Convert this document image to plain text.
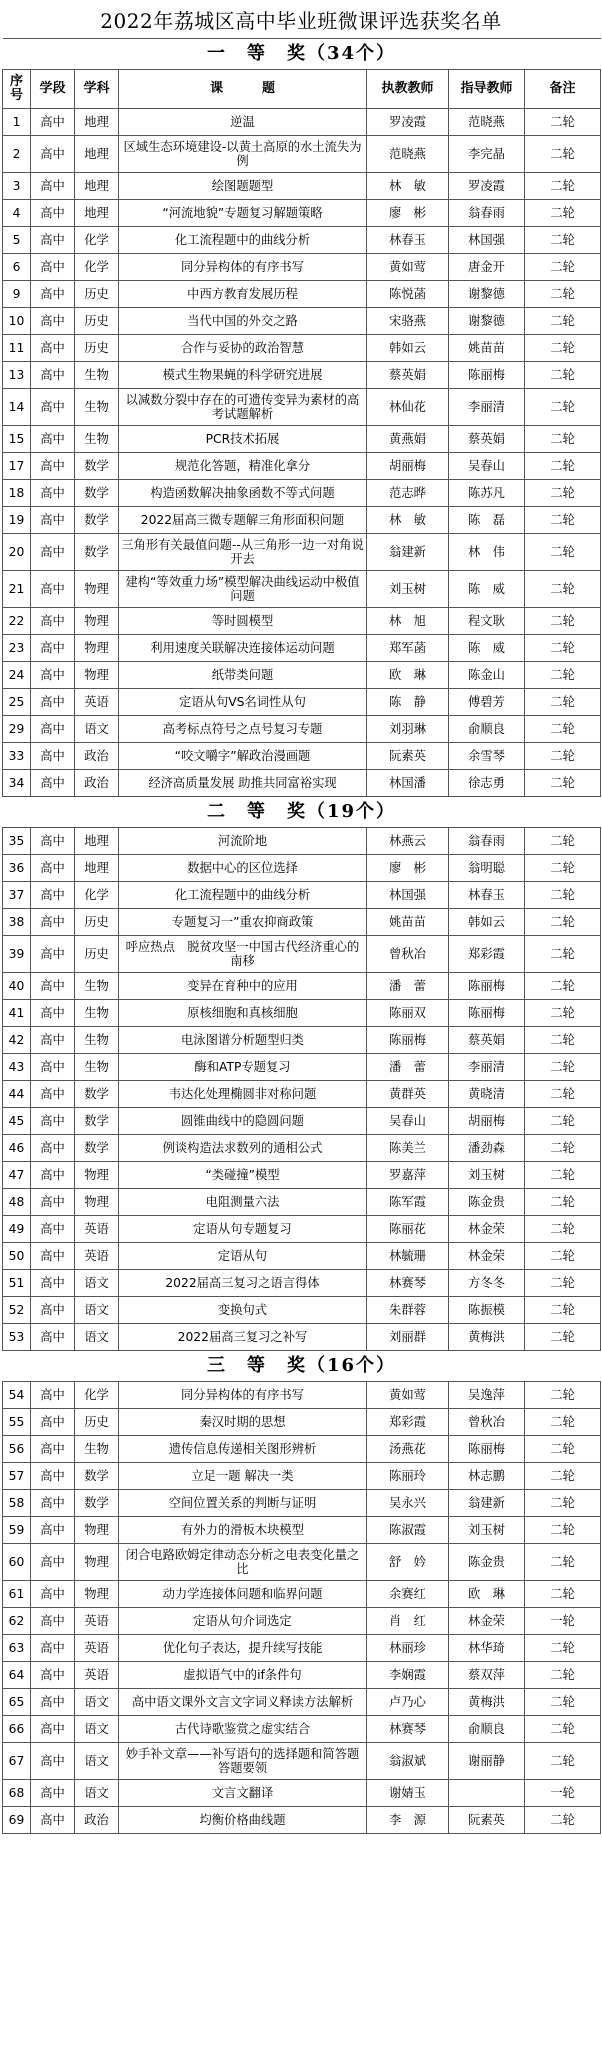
2022年荔城区高中毕业班微课评选获奖名单
一　等　奖（34个）						
序号	学段	学科	课　　　题	执教教师	指导教师	备注
1	高中	地理	逆温	罗凌霞	范晓燕	二轮
2	高中	地理	区域生态环境建设-以黄土高原的水土流失为例	范晓燕	李完晶	二轮
3	高中	地理	绘图题题型	林　敏	罗凌霞	二轮
4	高中	地理	“河流地貌”专题复习解题策略	廖　彬	翁春雨	二轮
5	高中	化学	化工流程题中的曲线分析	林春玉	林国强	二轮
6	高中	化学	同分异构体的有序书写	黄如莺	唐金开	二轮
9	高中	历史	中西方教育发展历程	陈悦菡	谢黎德	二轮
10	高中	历史	当代中国的外交之路	宋骆燕	谢黎德	二轮
11	高中	历史	合作与妥协的政治智慧	韩如云	姚苗苗	二轮
13	高中	生物	模式生物果蝇的科学研究进展	蔡英娟	陈丽梅	二轮
14	高中	生物	以减数分裂中存在的可遗传变异为素材的高考试题解析	林仙花	李丽清	二轮
15	高中	生物	PCR技术拓展	黄燕娟	蔡英娟	二轮
17	高中	数学	规范化答题，精准化拿分	胡丽梅	吴春山	二轮
18	高中	数学	构造函数解决抽象函数不等式问题	范志晔	陈苏凡	二轮
19	高中	数学	2022届高三微专题解三角形面积问题	林　敏	陈　磊	二轮
20	高中	数学	三角形有关最值问题--从三角形一边一对角说开去	翁建新	林　伟	二轮
21	高中	物理	建构“等效重力场”模型解决曲线运动中极值问题	刘玉树	陈　威	二轮
22	高中	物理	等时圆模型	林　旭	程文耿	二轮
23	高中	物理	利用速度关联解决连接体运动问题	郑军菡	陈　威	二轮
24	高中	物理	纸带类问题	欧　琳	陈金山	二轮
25	高中	英语	定语从句VS名词性从句	陈　静	傅碧芳	二轮
29	高中	语文	高考标点符号之点号复习专题	刘羽琳	俞顺良	二轮
33	高中	政治	“咬文嚼字”解政治漫画题	阮素英	余雪琴	二轮
34	高中	政治	经济高质量发展 助推共同富裕实现	林国潘	徐志勇	二轮
二　等　奖（19个）						
35	高中	地理	河流阶地	林燕云	翁春雨	二轮
36	高中	地理	数据中心的区位选择	廖　彬	翁明聪	二轮
37	高中	化学	化工流程题中的曲线分析	林国强	林春玉	二轮
38	高中	历史	专题复习一”重农抑商政策	姚苗苗	韩如云	二轮
39	高中	历史	呼应热点　脱贫攻坚一中国古代经济重心的南移	曾秋冶	郑彩霞	二轮
40	高中	生物	变异在育种中的应用	潘　蕾	陈丽梅	二轮
41	高中	生物	原核细胞和真核细胞	陈丽双	陈丽梅	二轮
42	高中	生物	电泳图谱分析题型归类	陈丽梅	蔡英娟	二轮
43	高中	生物	酶和ATP专题复习	潘　蕾	李丽清	二轮
44	高中	数学	韦达化处理椭圆非对称问题	黄群英	黄晓清	二轮
45	高中	数学	圆锥曲线中的隐圆问题	吴春山	胡丽梅	二轮
46	高中	数学	例谈构造法求数列的通相公式	陈美兰	潘劲森	二轮
47	高中	物理	“类碰撞”模型	罗嘉萍	刘玉树	二轮
48	高中	物理	电阻测量六法	陈军霞	陈金贵	二轮
49	高中	英语	定语从句专题复习	陈丽花	林金荣	二轮
50	高中	英语	定语从句	林毓珊	林金荣	二轮
51	高中	语文	2022届高三复习之语言得体	林赛琴	方冬冬	二轮
52	高中	语文	变换句式	朱群蓉	陈振模	二轮
53	高中	语文	2022届高三复习之补写	刘丽群	黄梅洪	二轮
三　等　奖（16个）						
54	高中	化学	同分异构体的有序书写	黄如莺	吴逸萍	二轮
55	高中	历史	秦汉时期的思想	郑彩霞	曾秋冶	二轮
56	高中	生物	遗传信息传递相关图形辨析	汤燕花	陈丽梅	二轮
57	高中	数学	立足一题 解决一类	陈丽玲	林志鹏	二轮
58	高中	数学	空间位置关系的判断与证明	吴永兴	翁建新	二轮
59	高中	物理	有外力的滑板木块模型	陈淑霞	刘玉树	二轮
60	高中	物理	闭合电路欧姆定律动态分析之电表变化量之比	舒　妗	陈金贵	二轮
61	高中	物理	动力学连接体问题和临界问题	余赛红	欧　琳	二轮
62	高中	英语	定语从句介词选定	肖　红	林金荣	一轮
63	高中	英语	优化句子表达，提升续写技能	林丽珍	林华琦	二轮
64	高中	英语	虚拟语气中的if条件句	李娴霞	蔡双萍	二轮
65	高中	语文	高中语文课外文言文字词义释读方法解析	卢乃心	黄梅洪	二轮
66	高中	语文	古代诗歌鉴赏之虚实结合	林赛琴	俞顺良	二轮
67	高中	语文	妙手补文章——补写语句的选择题和简答题答题要领	翁淑斌	谢丽静	二轮
68	高中	语文	文言文翻译	谢婧玉		一轮
69	高中	政治	均衡价格曲线题	李　源	阮素英	二轮
